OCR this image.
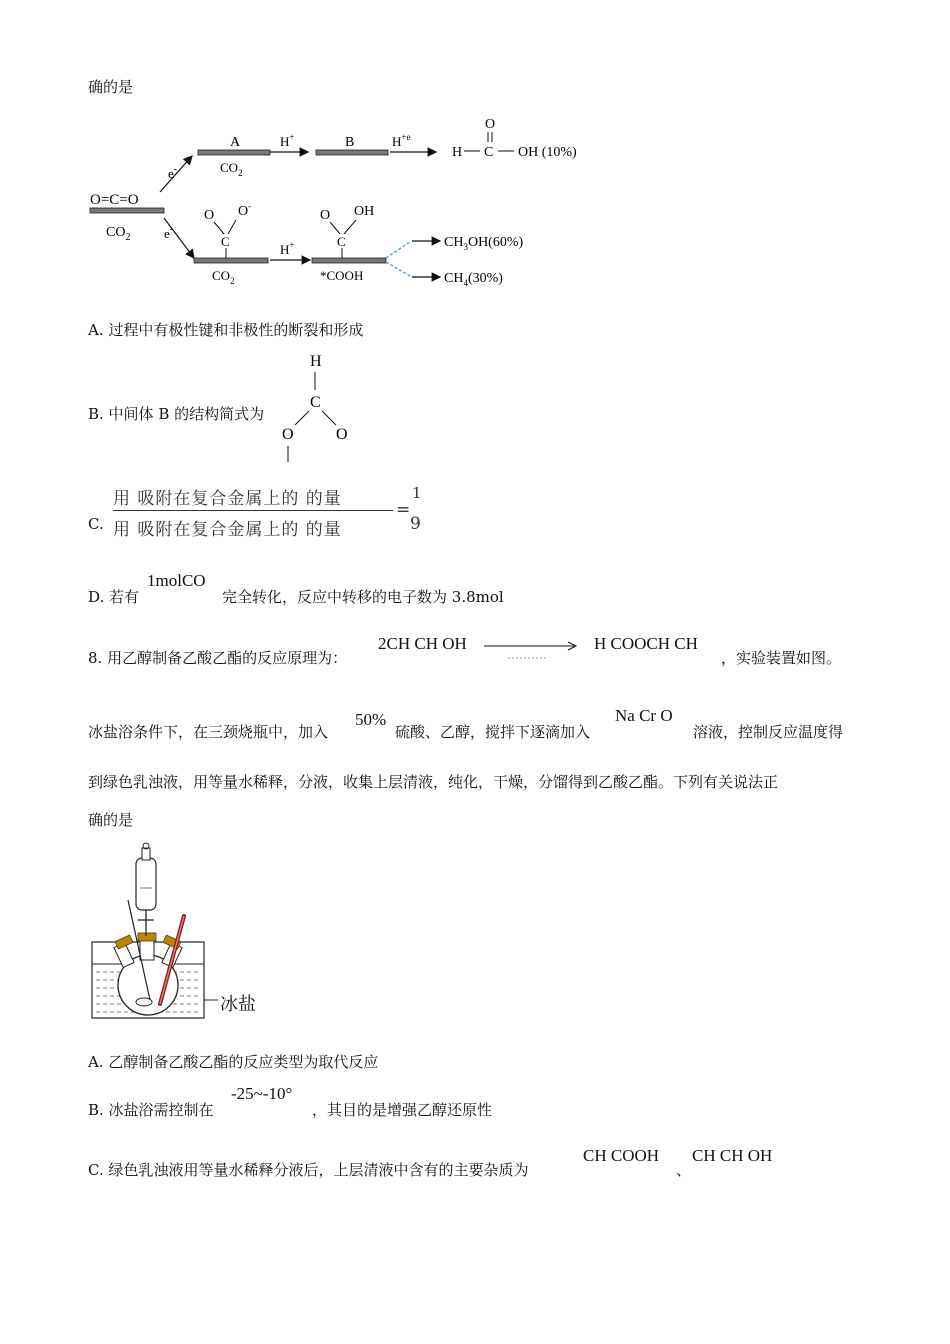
确的是
O=C=O
$CO_2$
e-
A
$CO_2$
H+	B	$H^{+e}$
O
H C OH (10%)
e-
O O-
C
$CO_2$
H+
O OH
C
*COOH
$CH_3OH(60\%)$
$CH_4(30\%)$
A. 过程中有极性键和非极性的断裂和形成
B. 中间体 B 的结构简式为
H
C
O	O
C.
用 吸附在复合金属上的 的量
用 吸附在复合金属上的 的量
=
1
9
D. 若有
1molCO
完全转化，反应中转移的电子数为 3.8mol
8. 用乙醇制备乙酸乙酯的反应原理为：
2CH CH OH	H COOCH CH
，实验装置如图。
冰盐浴条件下，在三颈烧瓶中，加入
50%
硫酸、乙醇，搅拌下逐滴加入
Na Cr O
溶液，控制反应温度得
到绿色乳浊液，用等量水稀释，分液，收集上层清液，纯化，干燥，分馏得到乙酸乙酯。下列有关说法正
确的是
冰盐
A. 乙醇制备乙酸乙酯的反应类型为取代反应
B. 冰盐浴需控制在
-25~-10°
，其目的是增强乙醇还原性
C. 绿色乳浊液用等量水稀释分液后，上层清液中含有的主要杂质为
CH COOH
、
CH CH OH
